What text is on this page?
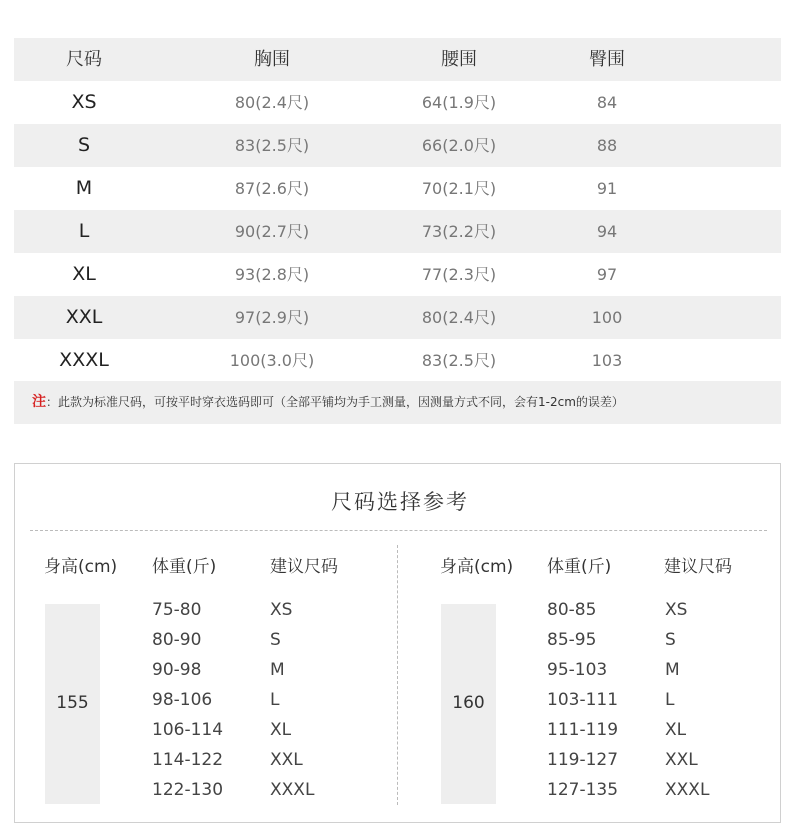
尺码	胸围	腰围	臀围
XS	80(2.4尺)	64(1.9尺)	84
S	83(2.5尺)	66(2.0尺)	88
M	87(2.6尺)	70(2.1尺)	91
L	90(2.7尺)	73(2.2尺)	94
XL	93(2.8尺)	77(2.3尺)	97
XXL	97(2.9尺)	80(2.4尺)	100
XXXL	100(3.0尺)	83(2.5尺)	103
注：此款为标准尺码，可按平时穿衣选码即可（全部平铺均为手工测量，因测量方式不同，会有1-2cm的误差）
尺码选择参考
身高(cm) 体重(斤)	建议尺码
155
75-80	XS
80-90	S
90-98	M
98-106	L
106-114	XL
114-122	XXL
122-130	XXXL
身高(cm) 体重(斤)	建议尺码
160
80-85	XS
85-95	S
95-103	M
103-111	L
111-119	XL
119-127	XXL
127-135	XXXL
